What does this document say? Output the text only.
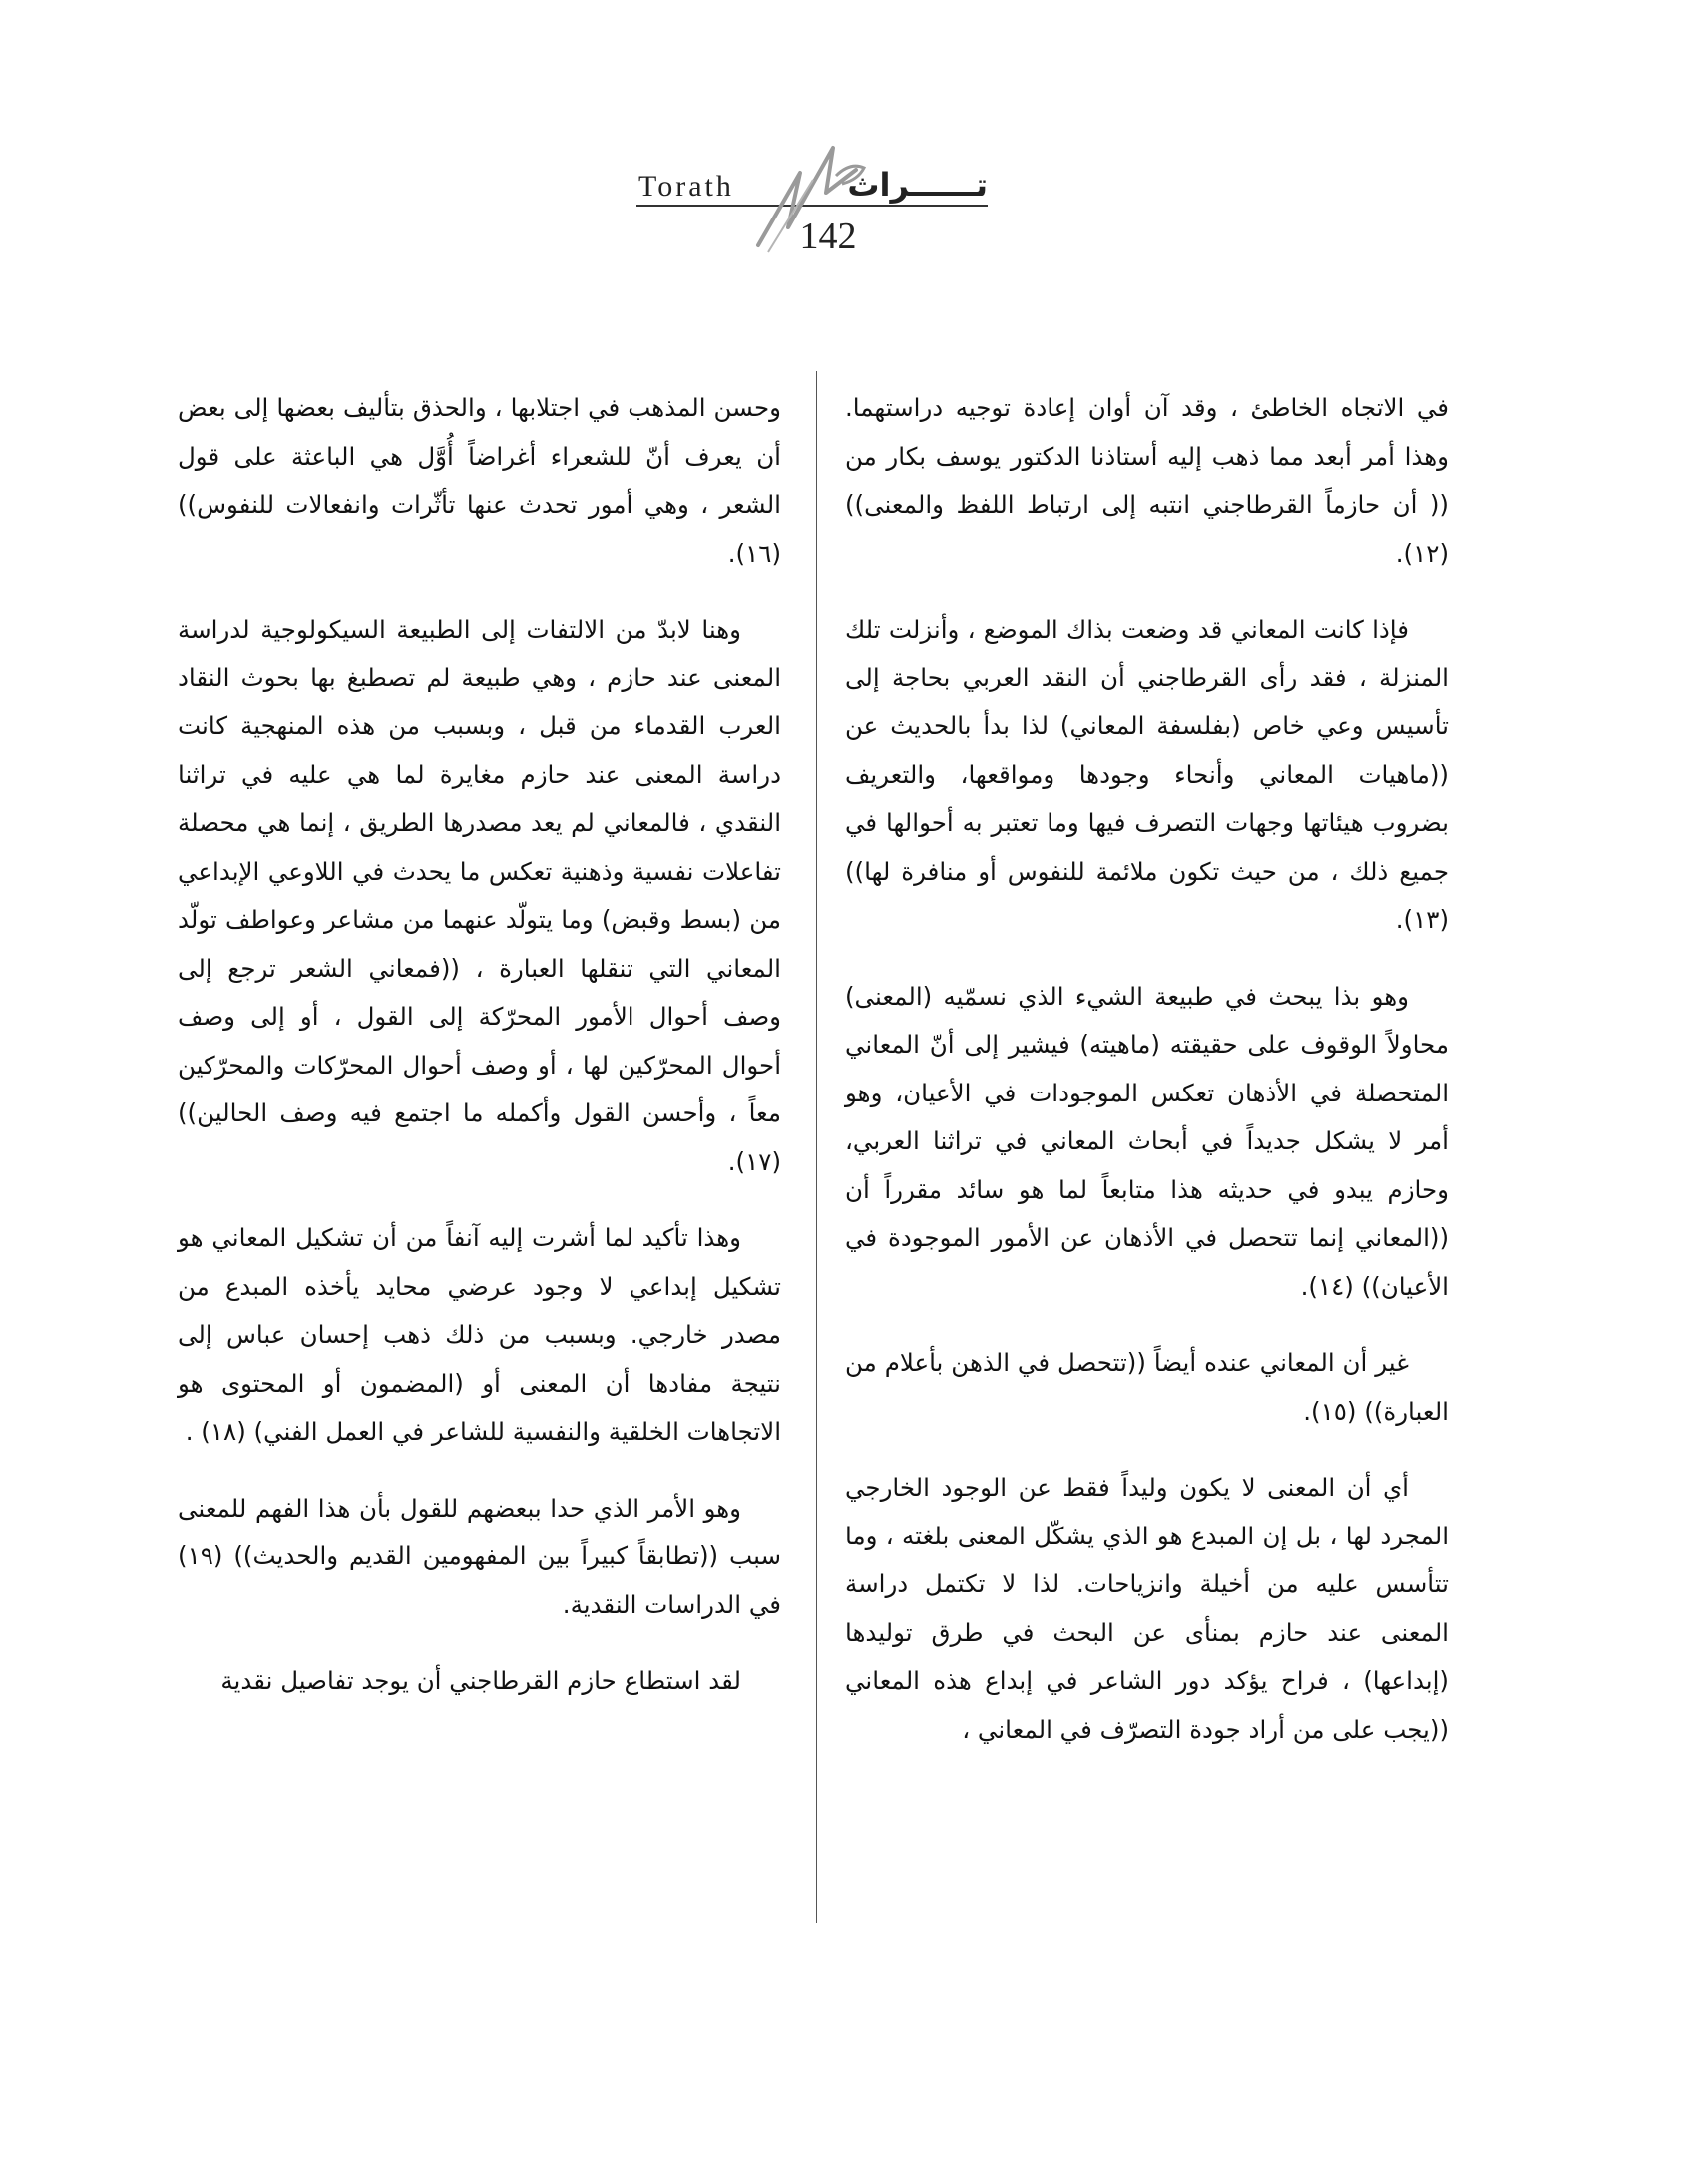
Torath	تــــــراث
142

في الاتجاه الخاطئ ، وقد آن أوان إعادة توجيه دراستهما. وهذا أمر أبعد مما ذهب إليه أستاذنا الدكتور يوسف بكار من (( أن حازماً القرطاجني انتبه إلى ارتباط اللفظ والمعنى)) (١٢).

فإذا كانت المعاني قد وضعت بذاك الموضع ، وأنزلت تلك المنزلة ، فقد رأى القرطاجني أن النقد العربي بحاجة إلى تأسيس وعي خاص (بفلسفة المعاني) لذا بدأ بالحديث عن ((ماهيات المعاني وأنحاء وجودها ومواقعها، والتعريف بضروب هيئاتها وجهات التصرف فيها وما تعتبر به أحوالها في جميع ذلك ، من حيث تكون ملائمة للنفوس أو منافرة لها)) (١٣).

وهو بذا يبحث في طبيعة الشيء الذي نسمّيه (المعنى) محاولاً الوقوف على حقيقته (ماهيته) فيشير إلى أنّ المعاني المتحصلة في الأذهان تعكس الموجودات في الأعيان، وهو أمر لا يشكل جديداً في أبحاث المعاني في تراثنا العربي، وحازم يبدو في حديثه هذا متابعاً لما هو سائد مقرراً أن ((المعاني إنما تتحصل في الأذهان عن الأمور الموجودة في الأعيان)) (١٤).

غير أن المعاني عنده أيضاً ((تتحصل في الذهن بأعلام من العبارة)) (١٥).

أي أن المعنى لا يكون وليداً فقط عن الوجود الخارجي المجرد لها ، بل إن المبدع هو الذي يشكّل المعنى بلغته ، وما تتأسس عليه من أخيلة وانزياحات. لذا لا تكتمل دراسة المعنى عند حازم بمنأى عن البحث في طرق توليدها (إبداعها) ، فراح يؤكد دور الشاعر في إبداع هذه المعاني ((يجب على من أراد جودة التصرّف في المعاني ،

وحسن المذهب في اجتلابها ، والحذق بتأليف بعضها إلى بعض أن يعرف أنّ للشعراء أغراضاً أُوَّل هي الباعثة على قول الشعر ، وهي أمور تحدث عنها تأثّرات وانفعالات للنفوس)) (١٦).

وهنا لابدّ من الالتفات إلى الطبيعة السيكولوجية لدراسة المعنى عند حازم ، وهي طبيعة لم تصطبغ بها بحوث النقاد العرب القدماء من قبل ، وبسبب من هذه المنهجية كانت دراسة المعنى عند حازم مغايرة لما هي عليه في تراثنا النقدي ، فالمعاني لم يعد مصدرها الطريق ، إنما هي محصلة تفاعلات نفسية وذهنية تعكس ما يحدث في اللاوعي الإبداعي من (بسط وقبض) وما يتولّد عنهما من مشاعر وعواطف تولّد المعاني التي تنقلها العبارة ، ((فمعاني الشعر ترجع إلى وصف أحوال الأمور المحرّكة إلى القول ، أو إلى وصف أحوال المحرّكين لها ، أو وصف أحوال المحرّكات والمحرّكين معاً ، وأحسن القول وأكمله ما اجتمع فيه وصف الحالين)) (١٧).

وهذا تأكيد لما أشرت إليه آنفاً من أن تشكيل المعاني هو تشكيل إبداعي لا وجود عرضي محايد يأخذه المبدع من مصدر خارجي. وبسبب من ذلك ذهب إحسان عباس إلى نتيجة مفادها أن المعنى أو (المضمون أو المحتوى هو الاتجاهات الخلقية والنفسية للشاعر في العمل الفني) (١٨) .

وهو الأمر الذي حدا ببعضهم للقول بأن هذا الفهم للمعنى سبب ((تطابقاً كبيراً بين المفهومين القديم والحديث)) (١٩) في الدراسات النقدية.

لقد استطاع حازم القرطاجني أن يوجد تفاصيل نقدية
